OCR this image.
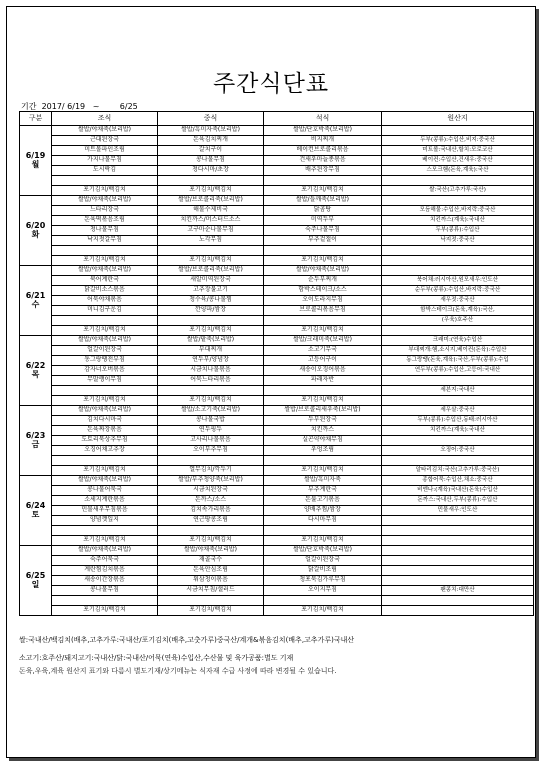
주간식단표
기간 2017/ 6/19   ~        6/25
구분	조식	중식	석식	원산지
6/19
월	쌀밥/야채죽(보리밥)	쌀밥/흑미자죽(보리밥)	쌀밥/단호박죽(보리밥)	
	근대된장국	돈육김치찌개	비지찌개	두부(콩류):수입산,비지:중국산
	미트볼파인조림	갈치구이	베이컨브로콜리볶음	미트볼:국내산,할치:모로코산
	가지나물무침	콩나물무침	건새우마늘종볶음	베이컨:수입산,건새우:중국산
	도시락김	청다시마/초장	배추된장무침	스모크햄(돈육,계육):국산

	포기김치/백김치	포기김치/백김치	포기김치/백김치	쌀:국산(고추가루:국산)
6/20
화	쌀밥/야채죽(보리밥)	쌀밥/브로콜리죽(보리밥)	쌀밥/들깨죽(보리밥)	
	느타리장국	해물수제비국	닭곰탕	모듬해물:수입산,바지락:중국산
	돈육떡볶음조림	치킨까스/머스터드소스	미역두부	치킨까스(계육):국내산
	청나물무침	고구마순나물무침	숙주나물무침	두부(콩류):수입산
	낙지젓갈무침	노각무침	부추겉절이	낙지젓:중국산

	포기김치/백김치	포기김치/백김치	포기김치/백김치	
6/21
수	쌀밥/야채죽(보리밥)	쌀밥/브로콜리죽(보리밥)	쌀밥/야채죽(보리밥)	
	북어계란국	새알미역된장국	순두부찌개	북어채:러시아산,원모새우:인도산
	닭갈비소스볶음	고추장불고기	함박스테이크/소스	순두부(콩류):수입산,바지락:중국산
	어묵야채볶음	청수육/콩나물찜	오이도라지무침	새우젓:중국산
	미니김구운김	깐양파/쌈장	브로콜리볶음무침	함박스테이크(돈육,계육):국산,
				(우육)호주산
	포기김치/백김치	포기김치/백김치	포기김치/백김치	
6/22
목	쌀밥/야채죽(보리밥)	쌀밥/팥죽(보리밥)	쌀밥/크래미죽(보리밥)	크래미:(연육)수입산
	얼갈이된장국	부대찌개	소고기무국	부대찌개:햄,소시지,베이컨(돈육):수입산
	동그랑땡전부침	연두부/양념장	고등어구이	동그랑땡(돈육,계육):국산,두부(콩류):수입
	감자너오버볶음	시금치나물볶음	새송이오징어볶음	연두부(콩류):수입산,고등어:국내산
	무말랭이무침	어묵느타리볶음	파래자반	
				세븐지:국내산
	포기김치/백김치	포기김치/백김치	포기김치/백김치	
6/23
금	쌀밥/야채죽(보리밥)	쌀밥/소고기죽(보리밥)	쌀밥/브로콜리새우죽(보리밥)	세우살:중국산
	김치다시마국	콩나물국밥	두부된장국	두부(콩류):수입산,동태:러시아산
	돈육짜장볶음	연두핑두	치킨까스	치킨까스(계육):국내산
	도토리묵상추무침	고사리나물볶음	실곤약야채무침	
	오징어채고추장	오이부추무침	우엉조림	오징어:중국산

	포기김치/백김치	열무김치/깍두기	포기김치/백김치	알타리김치:국산(고추가루:중국산)
6/24
토	쌀밥/야채죽(보리밥)	쌀밥/부추청양죽(보리밥)	쌀밥/흑미자죽	종합어묵:수입산,채소:중국산
	콩나물어묵국	시금치된장국	부추계란국	비엔나:(계육)국내산(돈육)수입산
	소세지계란볶음	돈까스/소스	돈불고기볶음	돈까스:국내산,두부(콩류):수입산
	민물새우무침볶음	김치속가리볶음	양배추찜/쌈장	민물새우:인도산
	양념깻잎지	연근땅콩조림	다시마무침	

	포기김치/백김치	포기김치/백김치	포기김치/백김치	
6/25
일	쌀밥/야채죽(보리밥)	쌀밥/야채죽(보리밥)	쌀밥/단호박죽(보리밥)	
	숙주어묵국	재골국수	얼갈이된장국	
	계란찜김치볶음	돈육안심조림	닭갈비조림	
	새송이간장볶음	워삼청이볶음	청포묵김가루무침	
	콩나물무침	시금치무침/샐러드	오이지무침	팬콩치:대만산

	포기김치/백김치	포기김치/백김치	포기김치/백김치	
쌀:국내산/백김치(배추,고추가루:국내산/포기김치(배추,고춧가루)중국산/계개&볶음김치(배추,고추가루)국내산
소고기:호주산/돼지고기:국내산/닭:국내산/어묵(연육)수입산,수산물 및 육가공품:별도 기재
돈육,우육,계육 원산지 표기와 다름시 별도기재/상기메뉴는 식자재 수급 사정에 따라 변경될 수 있습니다.
